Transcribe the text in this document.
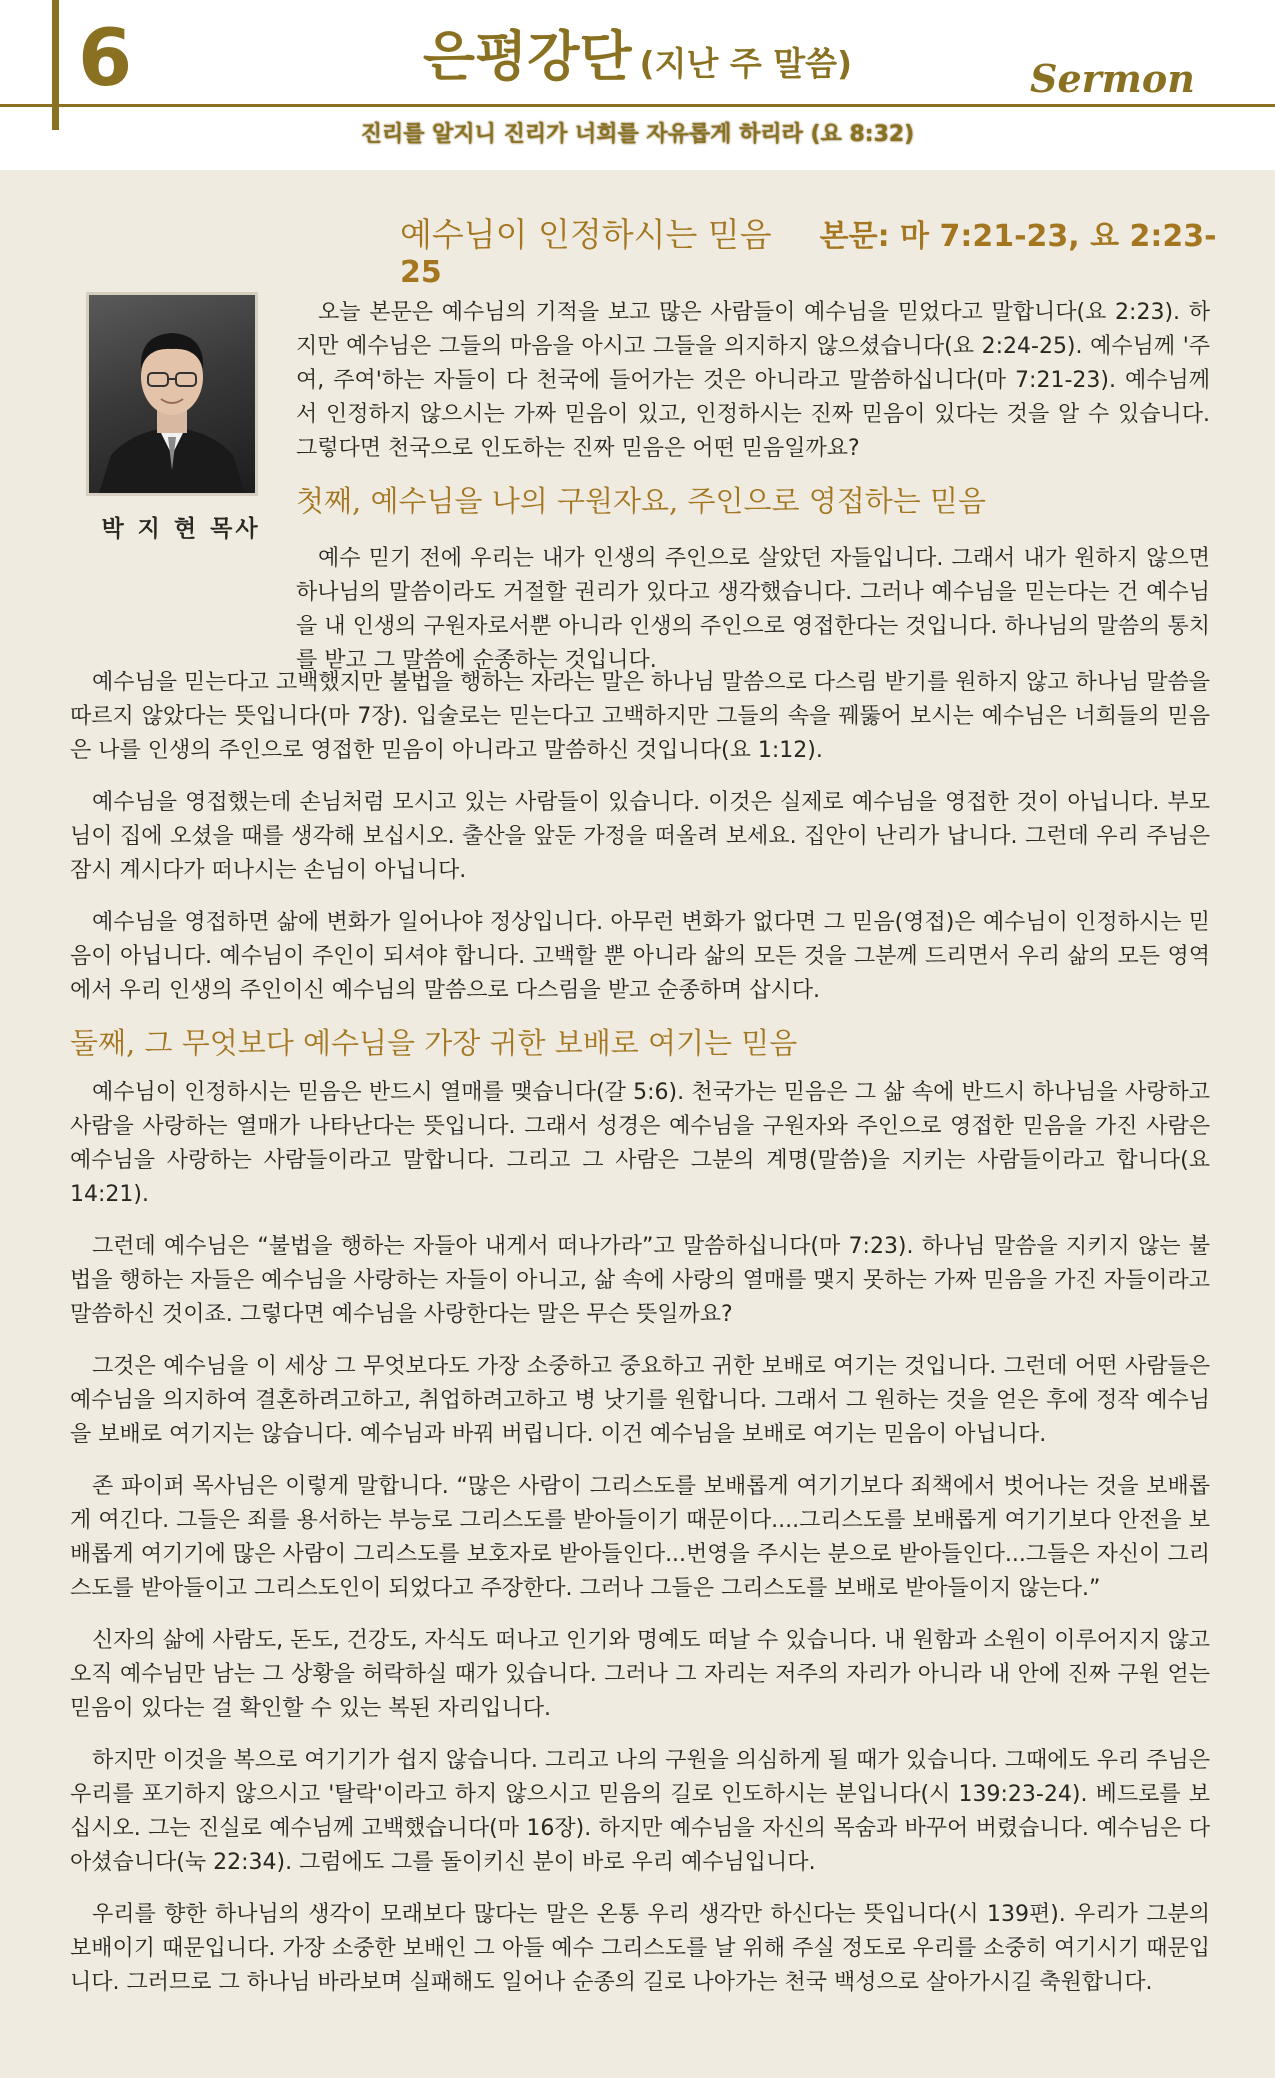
6	은평강단 (지난 주 말씀)	Sermon
진리를 알지니 진리가 너희를 자유롭게 하리라 (요 8:32)
예수님이 인정하시는 믿음 본문: 마 7:21-23, 요 2:23-25
박 지 현 목사

오늘 본문은 예수님의 기적을 보고 많은 사람들이 예수님을 믿었다고 말합니다(요 2:23). 하지만 예수님은 그들의 마음을 아시고 그들을 의지하지 않으셨습니다(요 2:24-25). 예수님께 '주여, 주여'하는 자들이 다 천국에 들어가는 것은 아니라고 말씀하십니다(마 7:21-23). 예수님께서 인정하지 않으시는 가짜 믿음이 있고, 인정하시는 진짜 믿음이 있다는 것을 알 수 있습니다. 그렇다면 천국으로 인도하는 진짜 믿음은 어떤 믿음일까요?

첫째, 예수님을 나의 구원자요, 주인으로 영접하는 믿음

예수 믿기 전에 우리는 내가 인생의 주인으로 살았던 자들입니다. 그래서 내가 원하지 않으면 하나님의 말씀이라도 거절할 권리가 있다고 생각했습니다. 그러나 예수님을 믿는다는 건 예수님을 내 인생의 구원자로서뿐 아니라 인생의 주인으로 영접한다는 것입니다. 하나님의 말씀의 통치를 받고 그 말씀에 순종하는 것입니다.

예수님을 믿는다고 고백했지만 불법을 행하는 자라는 말은 하나님 말씀으로 다스림 받기를 원하지 않고 하나님 말씀을 따르지 않았다는 뜻입니다(마 7장). 입술로는 믿는다고 고백하지만 그들의 속을 꿰뚫어 보시는 예수님은 너희들의 믿음은 나를 인생의 주인으로 영접한 믿음이 아니라고 말씀하신 것입니다(요 1:12).

예수님을 영접했는데 손님처럼 모시고 있는 사람들이 있습니다. 이것은 실제로 예수님을 영접한 것이 아닙니다. 부모님이 집에 오셨을 때를 생각해 보십시오. 출산을 앞둔 가정을 떠올려 보세요. 집안이 난리가 납니다. 그런데 우리 주님은 잠시 계시다가 떠나시는 손님이 아닙니다.

예수님을 영접하면 삶에 변화가 일어나야 정상입니다. 아무런 변화가 없다면 그 믿음(영접)은 예수님이 인정하시는 믿음이 아닙니다. 예수님이 주인이 되셔야 합니다. 고백할 뿐 아니라 삶의 모든 것을 그분께 드리면서 우리 삶의 모든 영역에서 우리 인생의 주인이신 예수님의 말씀으로 다스림을 받고 순종하며 삽시다.

둘째, 그 무엇보다 예수님을 가장 귀한 보배로 여기는 믿음

예수님이 인정하시는 믿음은 반드시 열매를 맺습니다(갈 5:6). 천국가는 믿음은 그 삶 속에 반드시 하나님을 사랑하고 사람을 사랑하는 열매가 나타난다는 뜻입니다. 그래서 성경은 예수님을 구원자와 주인으로 영접한 믿음을 가진 사람은 예수님을 사랑하는 사람들이라고 말합니다. 그리고 그 사람은 그분의 계명(말씀)을 지키는 사람들이라고 합니다(요 14:21).

그런데 예수님은 “불법을 행하는 자들아 내게서 떠나가라”고 말씀하십니다(마 7:23). 하나님 말씀을 지키지 않는 불법을 행하는 자들은 예수님을 사랑하는 자들이 아니고, 삶 속에 사랑의 열매를 맺지 못하는 가짜 믿음을 가진 자들이라고 말씀하신 것이죠. 그렇다면 예수님을 사랑한다는 말은 무슨 뜻일까요?

그것은 예수님을 이 세상 그 무엇보다도 가장 소중하고 중요하고 귀한 보배로 여기는 것입니다. 그런데 어떤 사람들은 예수님을 의지하여 결혼하려고하고, 취업하려고하고 병 낫기를 원합니다. 그래서 그 원하는 것을 얻은 후에 정작 예수님을 보배로 여기지는 않습니다. 예수님과 바꿔 버립니다. 이건 예수님을 보배로 여기는 믿음이 아닙니다.

존 파이퍼 목사님은 이렇게 말합니다. “많은 사람이 그리스도를 보배롭게 여기기보다 죄책에서 벗어나는 것을 보배롭게 여긴다. 그들은 죄를 용서하는 부능로 그리스도를 받아들이기 때문이다....그리스도를 보배롭게 여기기보다 안전을 보배롭게 여기기에 많은 사람이 그리스도를 보호자로 받아들인다...번영을 주시는 분으로 받아들인다...그들은 자신이 그리스도를 받아들이고 그리스도인이 되었다고 주장한다. 그러나 그들은 그리스도를 보배로 받아들이지 않는다.”

신자의 삶에 사람도, 돈도, 건강도, 자식도 떠나고 인기와 명예도 떠날 수 있습니다. 내 원함과 소원이 이루어지지 않고 오직 예수님만 남는 그 상황을 허락하실 때가 있습니다. 그러나 그 자리는 저주의 자리가 아니라 내 안에 진짜 구원 얻는 믿음이 있다는 걸 확인할 수 있는 복된 자리입니다.

하지만 이것을 복으로 여기기가 쉽지 않습니다. 그리고 나의 구원을 의심하게 될 때가 있습니다. 그때에도 우리 주님은 우리를 포기하지 않으시고 '탈락'이라고 하지 않으시고 믿음의 길로 인도하시는 분입니다(시 139:23-24). 베드로를 보십시오. 그는 진실로 예수님께 고백했습니다(마 16장). 하지만 예수님을 자신의 목숨과 바꾸어 버렸습니다. 예수님은 다 아셨습니다(눅 22:34). 그럼에도 그를 돌이키신 분이 바로 우리 예수님입니다.

우리를 향한 하나님의 생각이 모래보다 많다는 말은 온통 우리 생각만 하신다는 뜻입니다(시 139편). 우리가 그분의 보배이기 때문입니다. 가장 소중한 보배인 그 아들 예수 그리스도를 날 위해 주실 정도로 우리를 소중히 여기시기 때문입니다. 그러므로 그 하나님 바라보며 실패해도 일어나 순종의 길로 나아가는 천국 백성으로 살아가시길 축원합니다.
